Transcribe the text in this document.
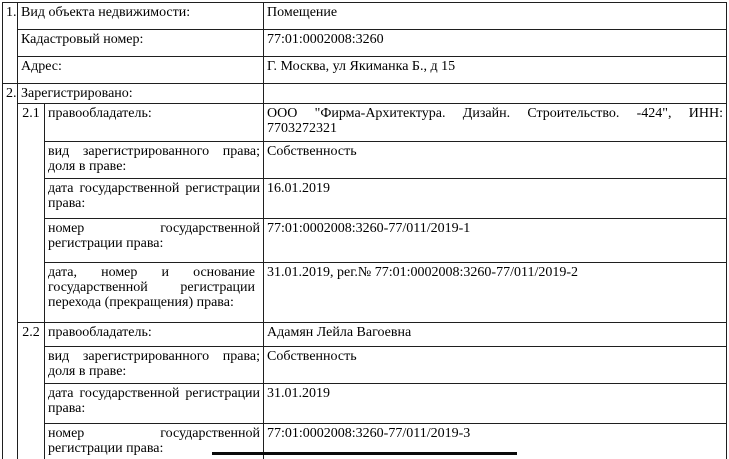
1.	Вид объекта недвижимости:		Помещение
	Кадастровый номер:		77:01:0002008:3260
	Адрес:		Г. Москва, ул Якиманка Б., д 15
2.	Зарегистрировано:		
	2.1	правообладатель:	ООО "Фирма-Архитектура. Дизайн. Строительство. -424", ИНН: 7703272321
		вид зарегистрированного права; доля в праве:	Собственность
		дата государственной регистрации права:	16.01.2019
		номер государственной регистрации права:	77:01:0002008:3260-77/011/2019-1
		дата, номер и основание государственной регистрации перехода (прекращения) права:	31.01.2019, рег.№ 77:01:0002008:3260-77/011/2019-2
	2.2	правообладатель:	Адамян Лейла Вагоевна
		вид зарегистрированного права; доля в праве:	Собственность
		дата государственной регистрации права:	31.01.2019
		номер государственной регистрации права:	77:01:0002008:3260-77/011/2019-3
